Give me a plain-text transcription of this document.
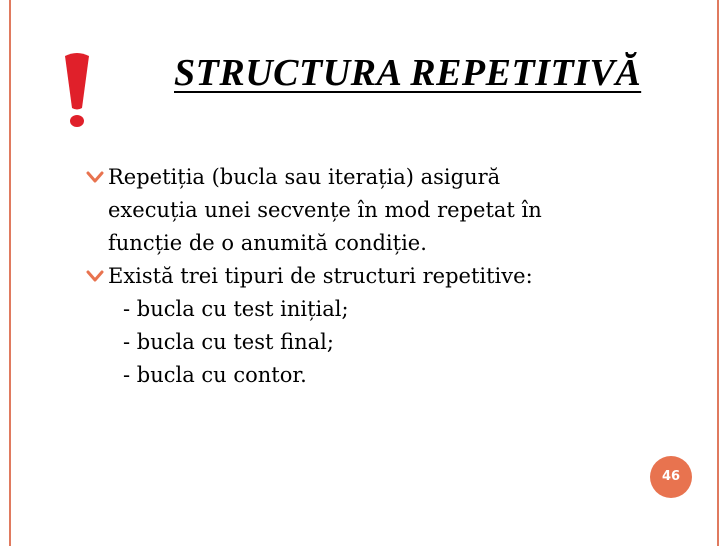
STRUCTURA REPETITIVĂ
Repetiția (bucla sau iterația) asigură
execuția unei secvențe în mod repetat în
funcție de o anumită condiție.
Există trei tipuri de structuri repetitive:
- bucla cu test inițial;
- bucla cu test final;
- bucla cu contor.
46
